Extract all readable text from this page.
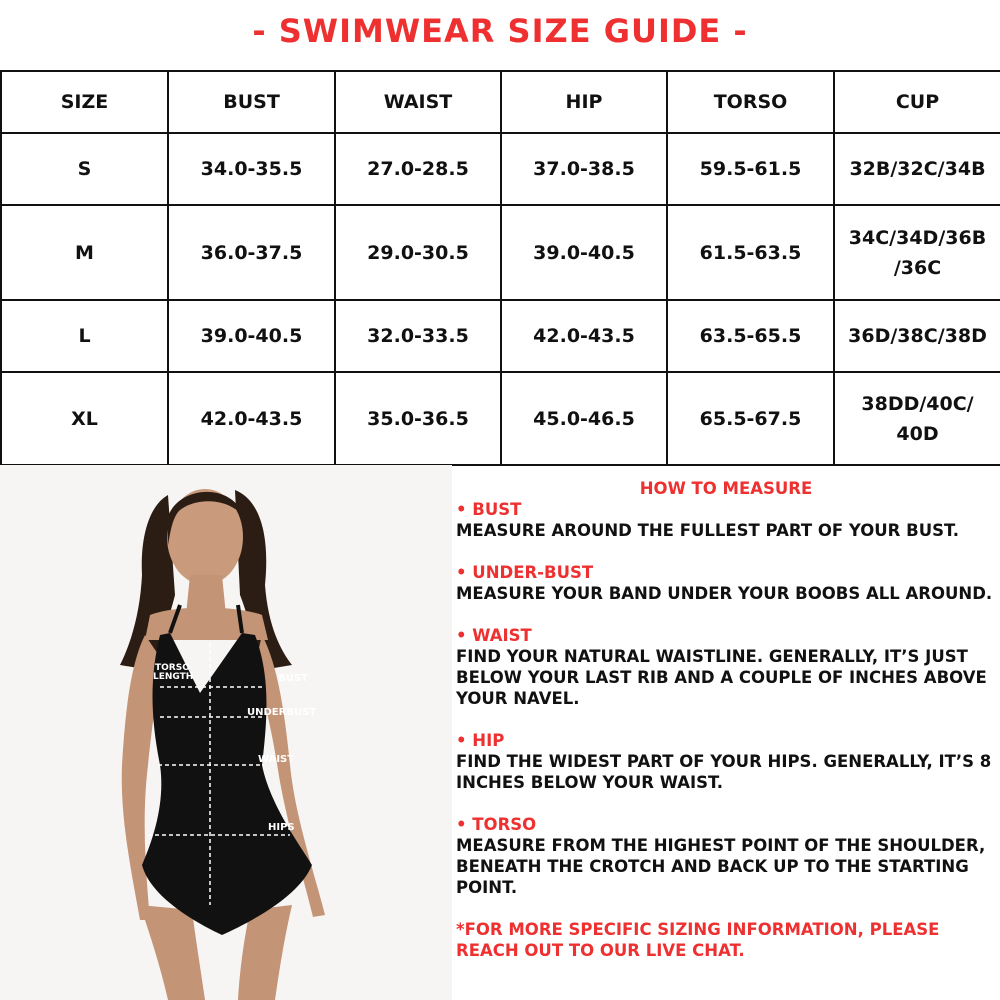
- SWIMWEAR SIZE GUIDE -
SIZE	BUST	WAIST	HIP	TORSO	CUP
S	34.0-35.5	27.0-28.5	37.0-38.5	59.5-61.5	32B/32C/34B
M	36.0-37.5	29.0-30.5	39.0-40.5	61.5-63.5	34C/34D/36B /36C
L	39.0-40.5	32.0-33.5	42.0-43.5	63.5-65.5	36D/38C/38D
XL	42.0-43.5	35.0-36.5	45.0-46.5	65.5-67.5	38DD/40C/ 40D
TORSO
LENGTH	BUST
UNDERBUST
WAIST
HIPS
HOW TO MEASURE
• BUST
MEASURE AROUND THE FULLEST PART OF YOUR BUST.
• UNDER-BUST
MEASURE YOUR BAND UNDER YOUR BOOBS ALL AROUND.
• WAIST
FIND YOUR NATURAL WAISTLINE. GENERALLY, IT’S JUST BELOW YOUR LAST RIB AND A COUPLE OF INCHES ABOVE YOUR NAVEL.
• HIP
FIND THE WIDEST PART OF YOUR HIPS. GENERALLY, IT’S 8 INCHES BELOW YOUR WAIST.
• TORSO
MEASURE FROM THE HIGHEST POINT OF THE SHOULDER, BENEATH THE CROTCH AND BACK UP TO THE STARTING POINT.
*FOR MORE SPECIFIC SIZING INFORMATION, PLEASE REACH OUT TO OUR LIVE CHAT.
